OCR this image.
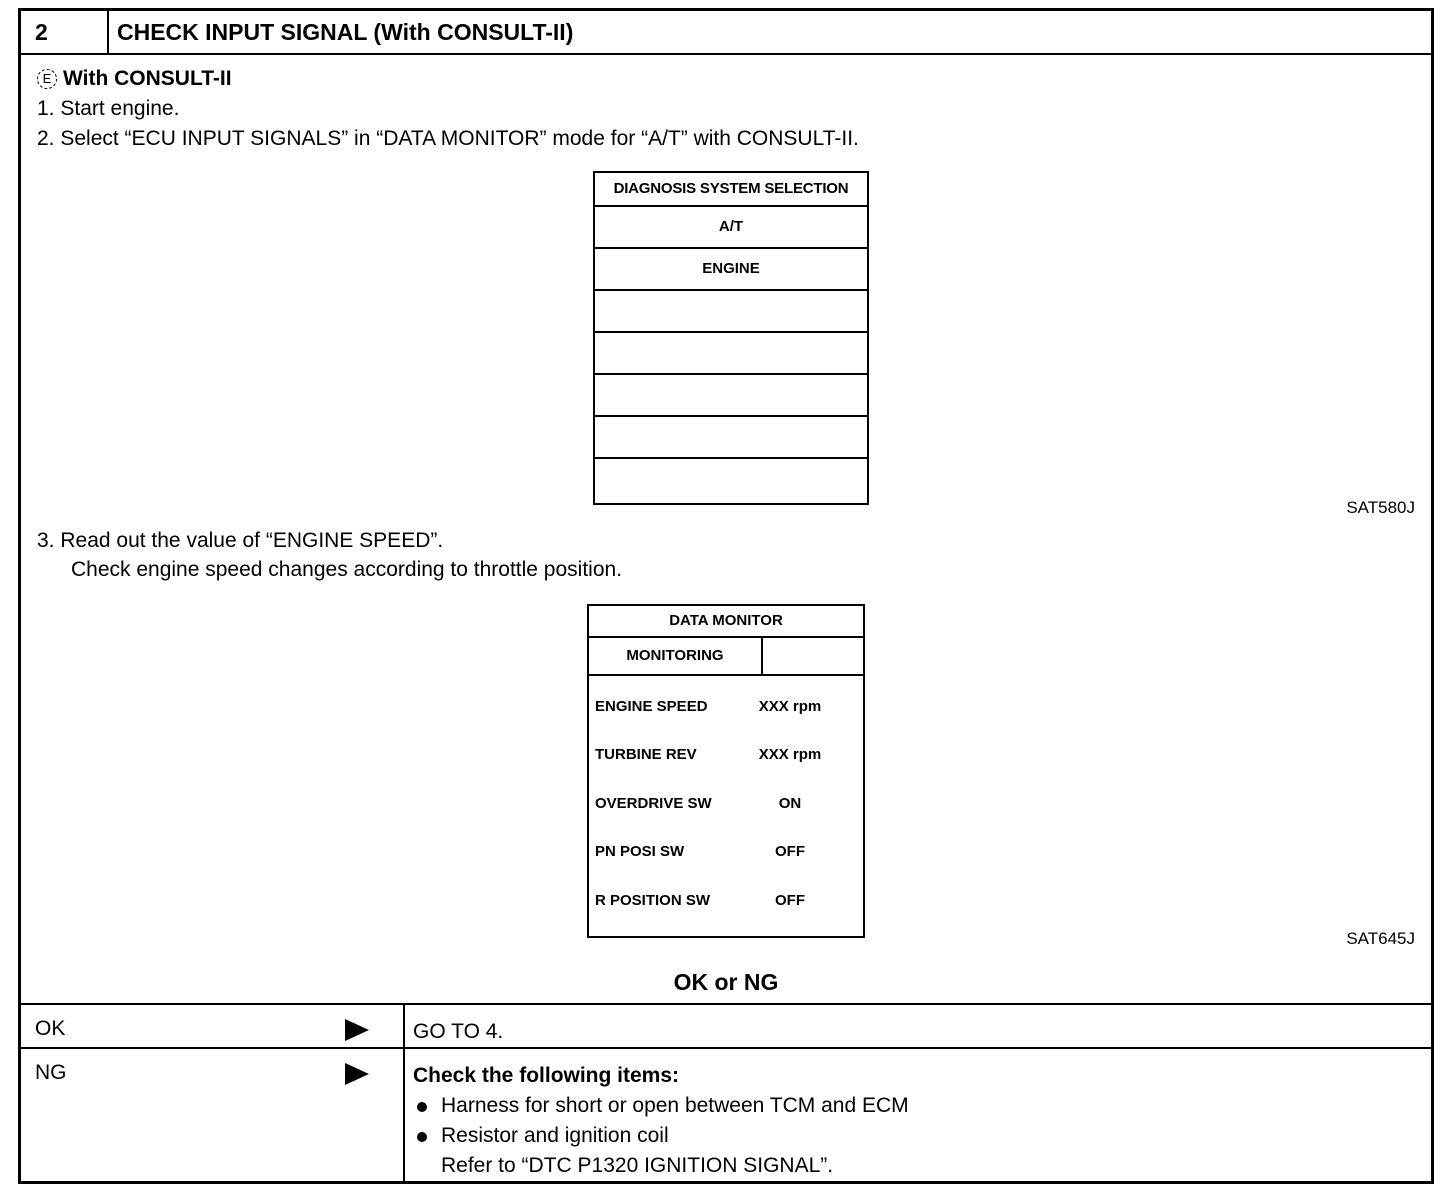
2	CHECK INPUT SIGNAL (With CONSULT-II)
E With CONSULT-II
1. Start engine.
2. Select “ECU INPUT SIGNALS” in “DATA MONITOR” mode for “A/T” with CONSULT-II.
DIAGNOSIS SYSTEM SELECTION
A/T
ENGINE
SAT580J
3. Read out the value of “ENGINE SPEED”.
Check engine speed changes according to throttle position.
DATA MONITOR
MONITORING
ENGINE SPEED	XXX rpm
TURBINE REV	XXX rpm
OVERDRIVE SW	ON
PN POSI SW	OFF
R POSITION SW	OFF
SAT645J
OK or NG
OK	GO TO 4.
NG	Check the following items:
Harness for short or open between TCM and ECM
Resistor and ignition coil
Refer to “DTC P1320 IGNITION SIGNAL”.
